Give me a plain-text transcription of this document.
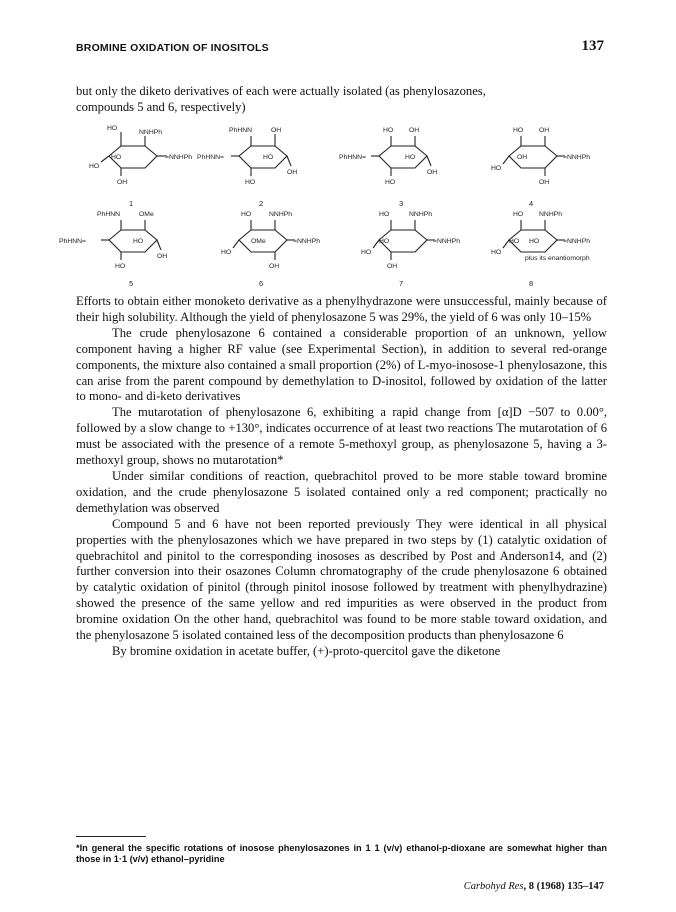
BROMINE OXIDATION OF INOSITOLS	137

but only the diketo derivatives of each were actually isolated (as phenylosazones,

compounds 5 and 6, respectively)

HO
NNHPh
HO	=NNHPh
HO
OH
1
PhHNN	OH
PhHNN=	HO
OH
HO
2
HO OH
PhHNN=	HO
OH
HO
3
HO OH
OH	=NNHPh
HO
OH
4
PhHNN	OMe
PhHNN=	HO
OH
HO
5
HO	NNHPh
OMe	=NNHPh
HO
OH
6
HO	NNHPh
HO	=NNHPh
HO
OH
7
HO NNHPh
HO HO	=NNHPh
HO
plus its enantiomorph
8

Efforts to obtain either monoketo derivative as a phenylhydrazone were unsuccessful, mainly because of their high solubility. Although the yield of phenylosazone 5 was 29%, the yield of 6 was only 10–15%

The crude phenylosazone 6 contained a considerable proportion of an unknown, yellow component having a higher RF value (see Experimental Section), in addition to several red-orange components, the mixture also contained a small proportion (2%) of L-myo-inosose-1 phenylosazone, this can arise from the parent compound by demethylation to D-inositol, followed by oxidation of the latter to mono- and di-keto derivatives

The mutarotation of phenylosazone 6, exhibiting a rapid change from [α]D −507 to 0.00°, followed by a slow change to +130°, indicates occurrence of at least two reactions The mutarotation of 6 must be associated with the presence of a remote 5-methoxyl group, as phenylosazone 5, having a 3-methoxyl group, shows no mutarotation*

Under similar conditions of reaction, quebrachitol proved to be more stable toward bromine oxidation, and the crude phenylosazone 5 isolated contained only a red component; practically no demethylation was observed

Compound 5 and 6 have not been reported previously They were identical in all physical properties with the phenylosazones which we have prepared in two steps by (1) catalytic oxidation of quebrachitol and pinitol to the corresponding inososes as described by Post and Anderson14, and (2) further conversion into their osazones Column chromatography of the crude phenylosazone 6 obtained by catalytic oxidation of pinitol (through pinitol inosose followed by treatment with phenylhydrazine) showed the presence of the same yellow and red impurities as were observed in the product from bromine oxidation On the other hand, quebrachitol was found to be more stable toward oxidation, and the phenylosazone 5 isolated contained less of the decomposition products than phenylosazone 6

By bromine oxidation in acetate buffer, (+)-proto-quercitol gave the diketone

*In general the specific rotations of inosose phenylosazones in 1 1 (v/v) ethanol-p-dioxane are somewhat higher than those in 1·1 (v/v) ethanol–pyridine
Carbohyd Res, 8 (1968) 135–147
